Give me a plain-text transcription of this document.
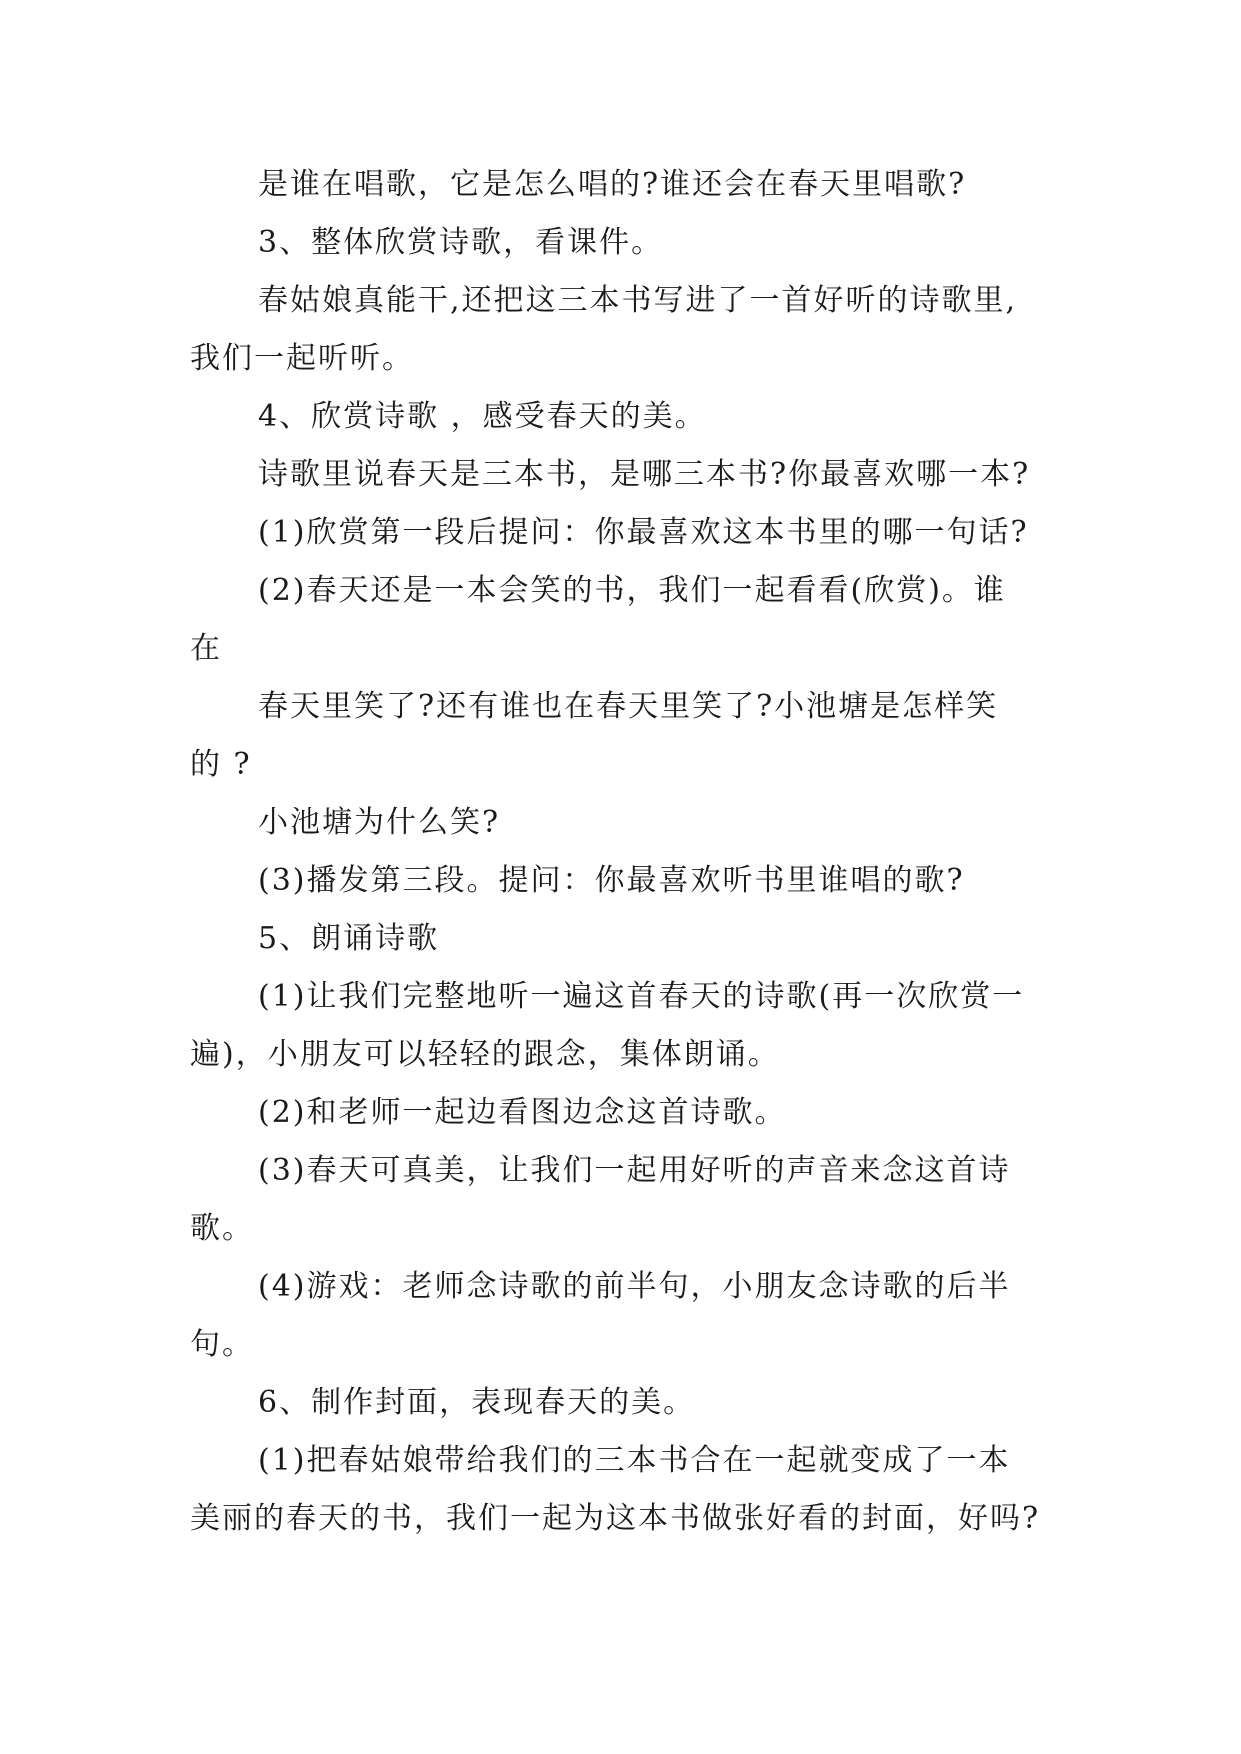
是谁在唱歌，它是怎么唱的?谁还会在春天里唱歌?
3、整体欣赏诗歌，看课件。
春姑娘真能干,还把这三本书写进了一首好听的诗歌里,
我们一起听听。
4、欣赏诗歌 ，感受春天的美。
诗歌里说春天是三本书，是哪三本书?你最喜欢哪一本?
(1)欣赏第一段后提问：你最喜欢这本书里的哪一句话?
(2)春天还是一本会笑的书，我们一起看看(欣赏)。谁
在
春天里笑了?还有谁也在春天里笑了?小池塘是怎样笑
的 ?
小池塘为什么笑?
(3)播发第三段。提问：你最喜欢听书里谁唱的歌?
5、朗诵诗歌
(1)让我们完整地听一遍这首春天的诗歌(再一次欣赏一
遍)，小朋友可以轻轻的跟念，集体朗诵。
(2)和老师一起边看图边念这首诗歌。
(3)春天可真美，让我们一起用好听的声音来念这首诗
歌。
(4)游戏：老师念诗歌的前半句，小朋友念诗歌的后半
句。
6、制作封面，表现春天的美。
(1)把春姑娘带给我们的三本书合在一起就变成了一本
美丽的春天的书，我们一起为这本书做张好看的封面，好吗?
